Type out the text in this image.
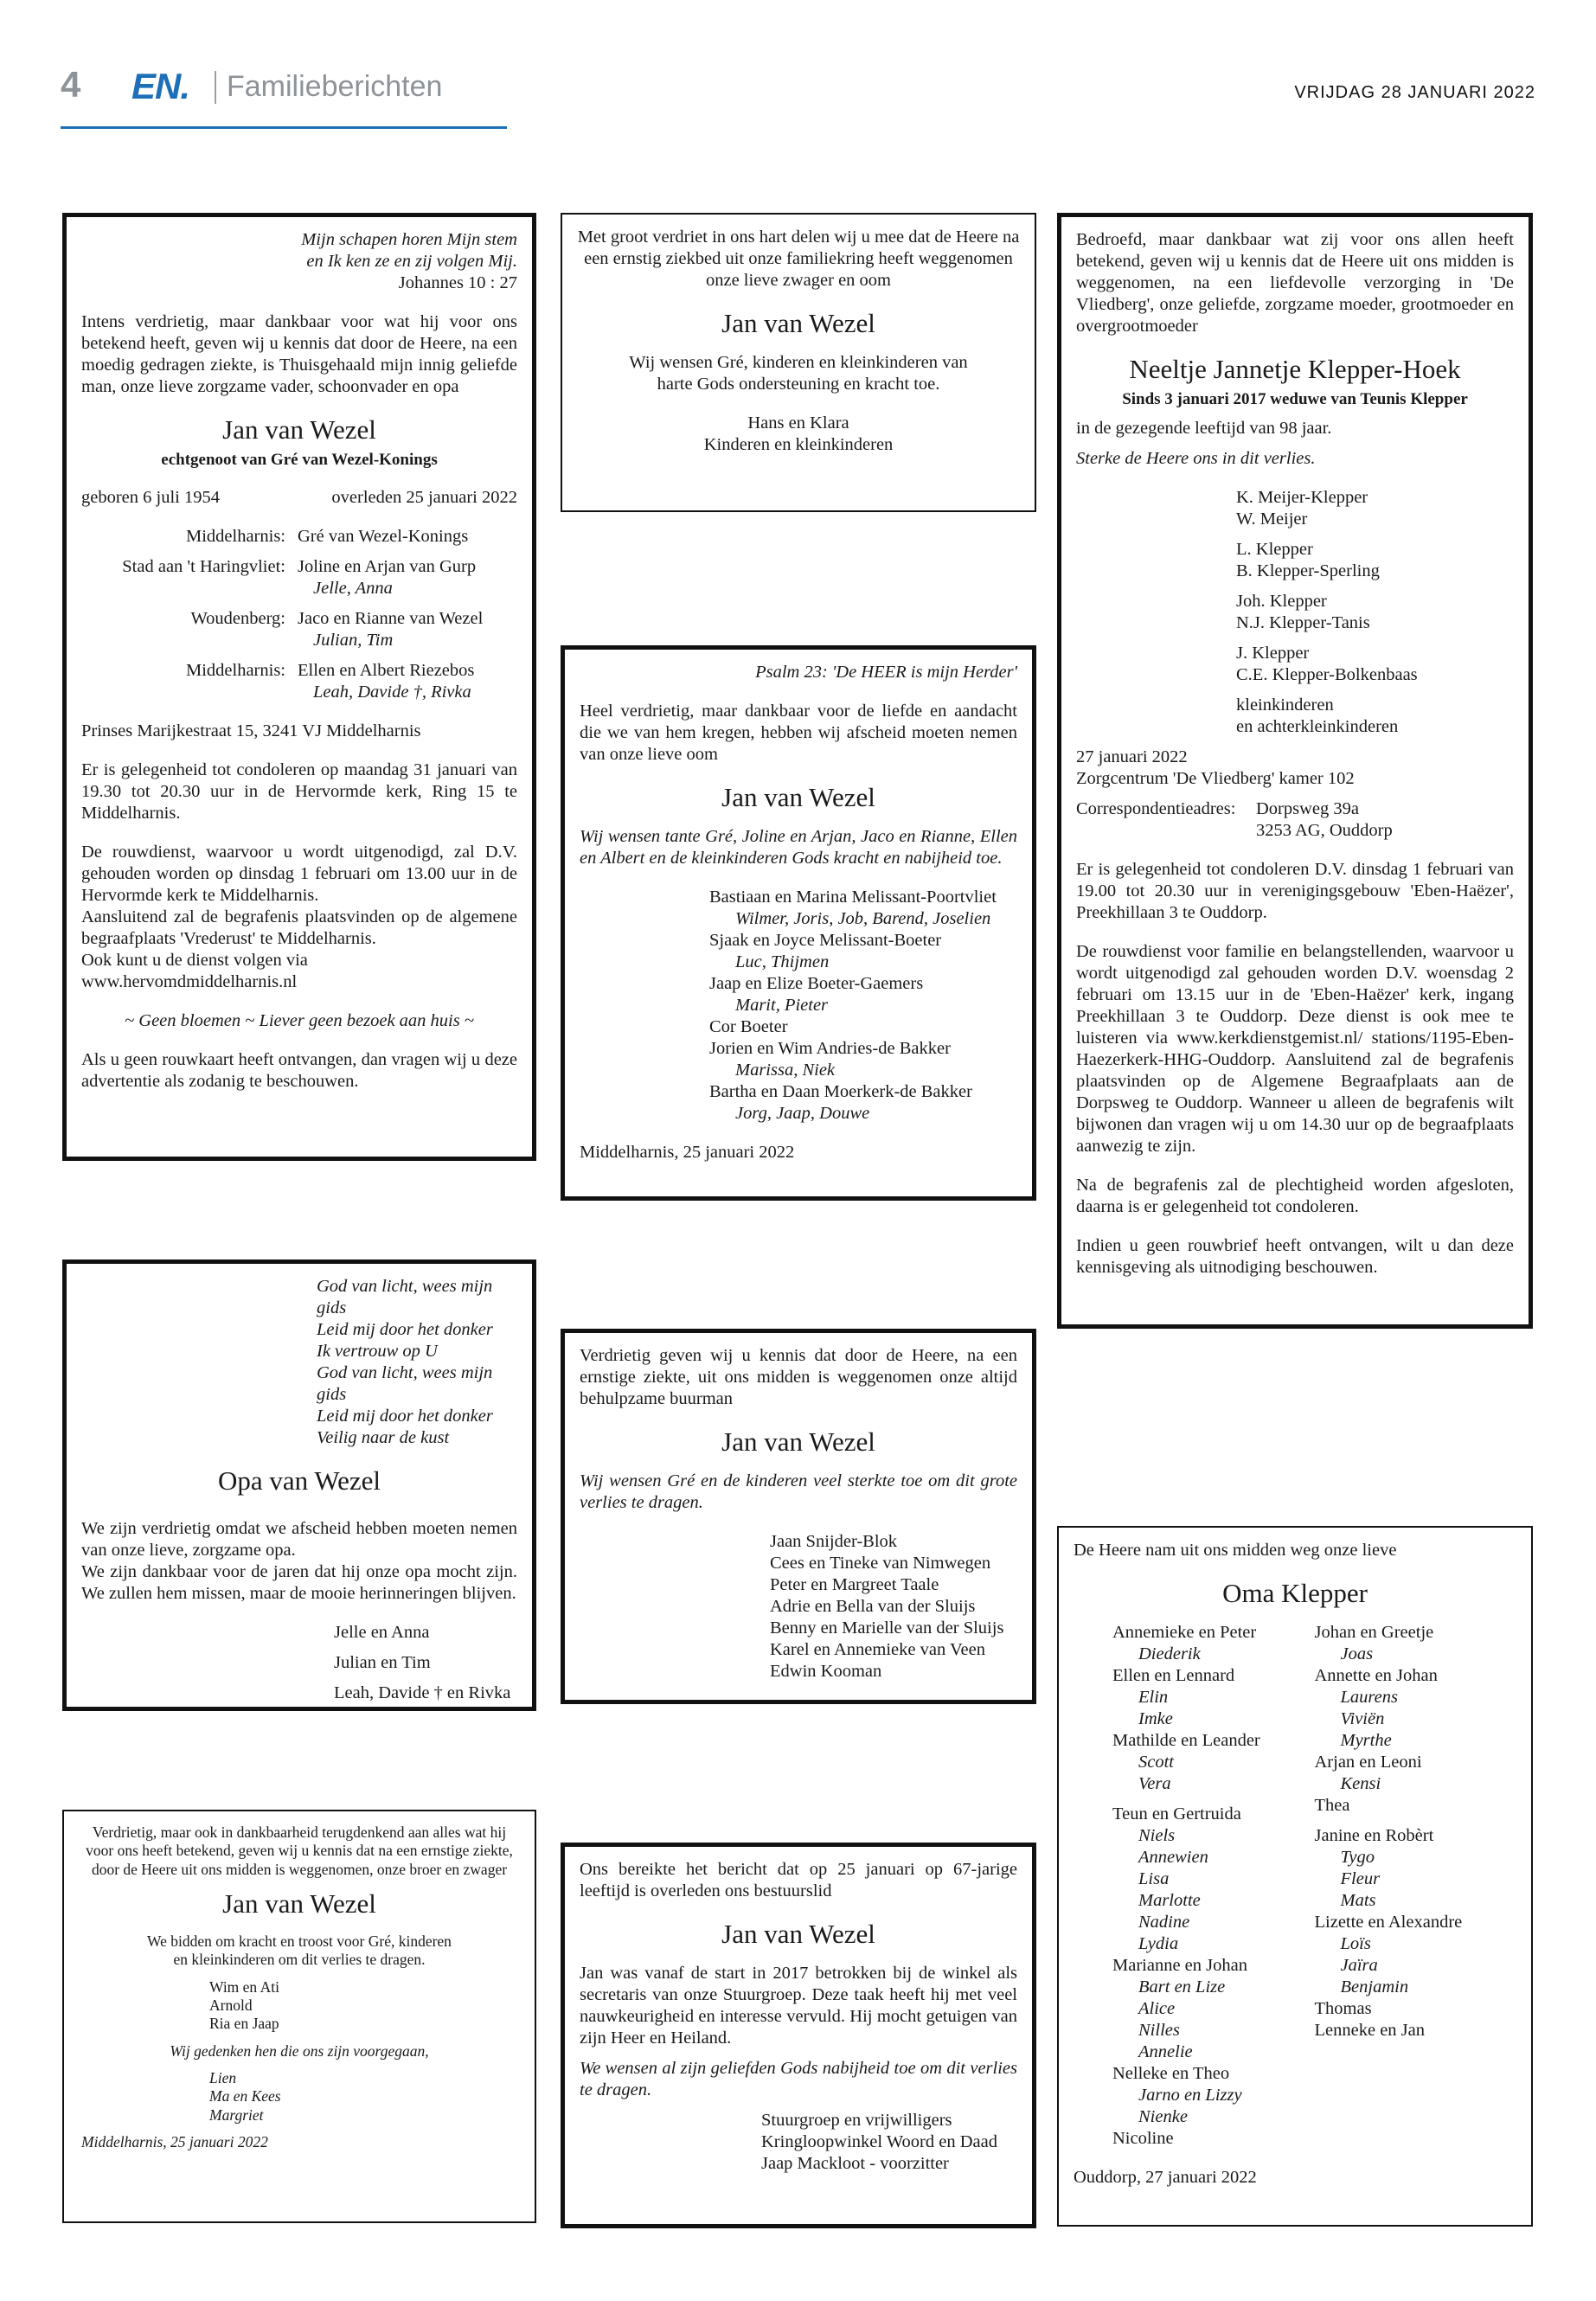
4 EN. Familieberichten	VRIJDAG 28 JANUARI 2022
Mijn schapen horen Mijn stem
en Ik ken ze en zij volgen Mij.
Johannes 10 : 27
Intens verdrietig, maar dankbaar voor wat hij voor ons betekend heeft, geven wij u kennis dat door de Heere, na een moedig gedragen ziekte, is Thuisgehaald mijn innig geliefde man, onze lieve zorgzame vader, schoonvader en opa
Jan van Wezel
echtgenoot van Gré van Wezel-Konings
geboren 6 juli 1954	overleden 25 januari 2022
Middelharnis: Gré van Wezel-Konings
Stad aan 't Haringvliet: Joline en Arjan van Gurp
Jelle, Anna
Woudenberg: Jaco en Rianne van Wezel
Julian, Tim
Middelharnis: Ellen en Albert Riezebos
Leah, Davide †, Rivka
Prinses Marijkestraat 15, 3241 VJ Middelharnis
Er is gelegenheid tot condoleren op maandag 31 januari van 19.30 tot 20.30 uur in de Hervormde kerk, Ring 15 te Middelharnis.
De rouwdienst, waarvoor u wordt uitgenodigd, zal D.V. gehouden worden op dinsdag 1 februari om 13.00 uur in de Hervormde kerk te Middelharnis.
Aansluitend zal de begrafenis plaatsvinden op de algemene begraafplaats 'Vrederust' te Middelharnis.
Ook kunt u de dienst volgen via
www.hervomdmiddelharnis.nl
~ Geen bloemen ~ Liever geen bezoek aan huis ~
Als u geen rouwkaart heeft ontvangen, dan vragen wij u deze advertentie als zodanig te beschouwen.
Met groot verdriet in ons hart delen wij u mee dat de Heere na een ernstig ziekbed uit onze familiekring heeft weggenomen onze lieve zwager en oom
Jan van Wezel
Wij wensen Gré, kinderen en kleinkinderen van harte Gods ondersteuning en kracht toe.
Hans en Klara
Kinderen en kleinkinderen
Bedroefd, maar dankbaar wat zij voor ons allen heeft betekend, geven wij u kennis dat de Heere uit ons midden is weggenomen, na een liefdevolle verzorging in 'De Vliedberg', onze geliefde, zorgzame moeder, grootmoeder en overgrootmoeder
Neeltje Jannetje Klepper-Hoek
Sinds 3 januari 2017 weduwe van Teunis Klepper
in de gezegende leeftijd van 98 jaar.
Sterke de Heere ons in dit verlies.
K. Meijer-Klepper
W. Meijer
L. Klepper
B. Klepper-Sperling
Joh. Klepper
N.J. Klepper-Tanis
J. Klepper
C.E. Klepper-Bolkenbaas
kleinkinderen
en achterkleinkinderen
27 januari 2022
Zorgcentrum 'De Vliedberg' kamer 102
Correspondentieadres:	Dorpsweg 39a
3253 AG, Ouddorp
Er is gelegenheid tot condoleren D.V. dinsdag 1 februari van 19.00 tot 20.30 uur in verenigingsgebouw 'Eben-Haëzer', Preekhillaan 3 te Ouddorp.
De rouwdienst voor familie en belangstellenden, waarvoor u wordt uitgenodigd zal gehouden worden D.V. woensdag 2 februari om 13.15 uur in de 'Eben-Haëzer' kerk, ingang Preekhillaan 3 te Ouddorp. Deze dienst is ook mee te luisteren via www.kerkdienstgemist.nl/ stations/1195-Eben-Haezerkerk-HHG-Ouddorp. Aansluitend zal de begrafenis plaatsvinden op de Algemene Begraafplaats aan de Dorpsweg te Ouddorp. Wanneer u alleen de begrafenis wilt bijwonen dan vragen wij u om 14.30 uur op de begraafplaats aanwezig te zijn.
Na de begrafenis zal de plechtigheid worden afgesloten, daarna is er gelegenheid tot condoleren.
Indien u geen rouwbrief heeft ontvangen, wilt u dan deze kennisgeving als uitnodiging beschouwen.
Psalm 23: 'De HEER is mijn Herder'
Heel verdrietig, maar dankbaar voor de liefde en aandacht die we van hem kregen, hebben wij afscheid moeten nemen van onze lieve oom
Jan van Wezel
Wij wensen tante Gré, Joline en Arjan, Jaco en Rianne, Ellen en Albert en de kleinkinderen Gods kracht en nabijheid toe.
Bastiaan en Marina Melissant-Poortvliet
Wilmer, Joris, Job, Barend, Joselien
Sjaak en Joyce Melissant-Boeter
Luc, Thijmen
Jaap en Elize Boeter-Gaemers
Marit, Pieter
Cor Boeter
Jorien en Wim Andries-de Bakker
Marissa, Niek
Bartha en Daan Moerkerk-de Bakker
Jorg, Jaap, Douwe
Middelharnis, 25 januari 2022
God van licht, wees mijn gids
Leid mij door het donker
Ik vertrouw op U
God van licht, wees mijn gids
Leid mij door het donker
Veilig naar de kust
Opa van Wezel
We zijn verdrietig omdat we afscheid hebben moeten nemen van onze lieve, zorgzame opa.
We zijn dankbaar voor de jaren dat hij onze opa mocht zijn. We zullen hem missen, maar de mooie herinneringen blijven.
Jelle en Anna
Julian en Tim
Leah, Davide † en Rivka
Verdrietig geven wij u kennis dat door de Heere, na een ernstige ziekte, uit ons midden is weggenomen onze altijd behulpzame buurman
Jan van Wezel
Wij wensen Gré en de kinderen veel sterkte toe om dit grote verlies te dragen.
Jaan Snijder-Blok
Cees en Tineke van Nimwegen
Peter en Margreet Taale
Adrie en Bella van der Sluijs
Benny en Marielle van der Sluijs
Karel en Annemieke van Veen
Edwin Kooman
De Heere nam uit ons midden weg onze lieve
Oma Klepper
Annemieke en Peter
Diederik
Ellen en Lennard
Elin
Imke
Mathilde en Leander
Scott
Vera
Teun en Gertruida
Niels
Annewien
Lisa
Marlotte
Nadine
Lydia
Marianne en Johan
Bart en Lize
Alice
Nilles
Annelie
Nelleke en Theo
Jarno en Lizzy
Nienke
Nicoline
Johan en Greetje
Joas
Annette en Johan
Laurens
Viviën
Myrthe
Arjan en Leoni
Kensi
Thea
Janine en Robèrt
Tygo
Fleur
Mats
Lizette en Alexandre
Loïs
Jaïra
Benjamin
Thomas
Lenneke en Jan
Ouddorp, 27 januari 2022
Verdrietig, maar ook in dankbaarheid terugdenkend aan alles wat hij voor ons heeft betekend, geven wij u kennis dat na een ernstige ziekte, door de Heere uit ons midden is weggenomen, onze broer en zwager
Jan van Wezel
We bidden om kracht en troost voor Gré, kinderen en kleinkinderen om dit verlies te dragen.
Wim en Ati
Arnold
Ria en Jaap
Wij gedenken hen die ons zijn voorgegaan,
Lien
Ma en Kees
Margriet
Middelharnis, 25 januari 2022
Ons bereikte het bericht dat op 25 januari op 67-jarige leeftijd is overleden ons bestuurslid
Jan van Wezel
Jan was vanaf de start in 2017 betrokken bij de winkel als secretaris van onze Stuurgroep. Deze taak heeft hij met veel nauwkeurigheid en interesse vervuld. Hij mocht getuigen van zijn Heer en Heiland.
We wensen al zijn geliefden Gods nabijheid toe om dit verlies te dragen.
Stuurgroep en vrijwilligers
Kringloopwinkel Woord en Daad
Jaap Mackloot - voorzitter
